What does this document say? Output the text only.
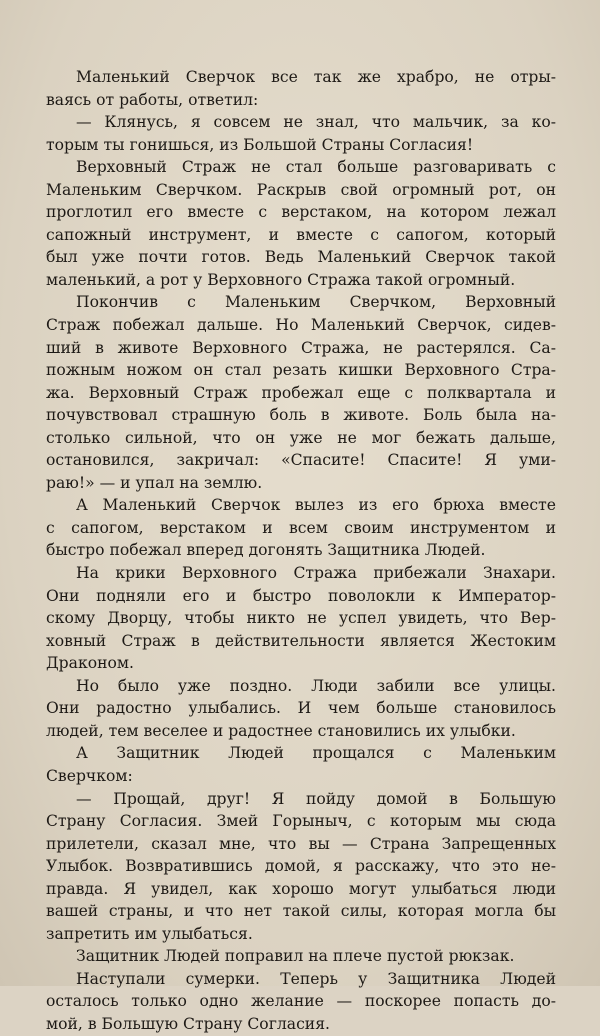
Маленький Сверчок все так же храбро, не отры-
ваясь от работы, ответил:
— Клянусь, я совсем не знал, что мальчик, за ко-
торым ты гонишься, из Большой Страны Согласия!
Верховный Страж не стал больше разговаривать с
Маленьким Сверчком. Раскрыв свой огромный рот, он
проглотил его вместе с верстаком, на котором лежал
сапожный инструмент, и вместе с сапогом, который
был уже почти готов. Ведь Маленький Сверчок такой
маленький, а рот у Верховного Стража такой огромный.
Покончив с Маленьким Сверчком, Верховный
Страж побежал дальше. Но Маленький Сверчок, сидев-
ший в животе Верховного Стража, не растерялся. Са-
пожным ножом он стал резать кишки Верховного Стра-
жа. Верховный Страж пробежал еще с полквартала и
почувствовал страшную боль в животе. Боль была на-
столько сильной, что он уже не мог бежать дальше,
остановился, закричал: «Спасите! Спасите! Я уми-
раю!» — и упал на землю.
А Маленький Сверчок вылез из его брюха вместе
с сапогом, верстаком и всем своим инструментом и
быстро побежал вперед догонять Защитника Людей.
На крики Верховного Стража прибежали Знахари.
Они подняли его и быстро поволокли к Император-
скому Дворцу, чтобы никто не успел увидеть, что Вер-
ховный Страж в действительности является Жестоким
Драконом.
Но было уже поздно. Люди забили все улицы.
Они радостно улыбались. И чем больше становилось
людей, тем веселее и радостнее становились их улыбки.
А Защитник Людей прощался с Маленьким
Сверчком:
— Прощай, друг! Я пойду домой в Большую
Страну Согласия. Змей Горыныч, с которым мы сюда
прилетели, сказал мне, что вы — Страна Запрещенных
Улыбок. Возвратившись домой, я расскажу, что это не-
правда. Я увидел, как хорошо могут улыбаться люди
вашей страны, и что нет такой силы, которая могла бы
запретить им улыбаться.
Защитник Людей поправил на плече пустой рюкзак.
Наступали сумерки. Теперь у Защитника Людей
осталось только одно желание — поскорее попасть до-
мой, в Большую Страну Согласия.
